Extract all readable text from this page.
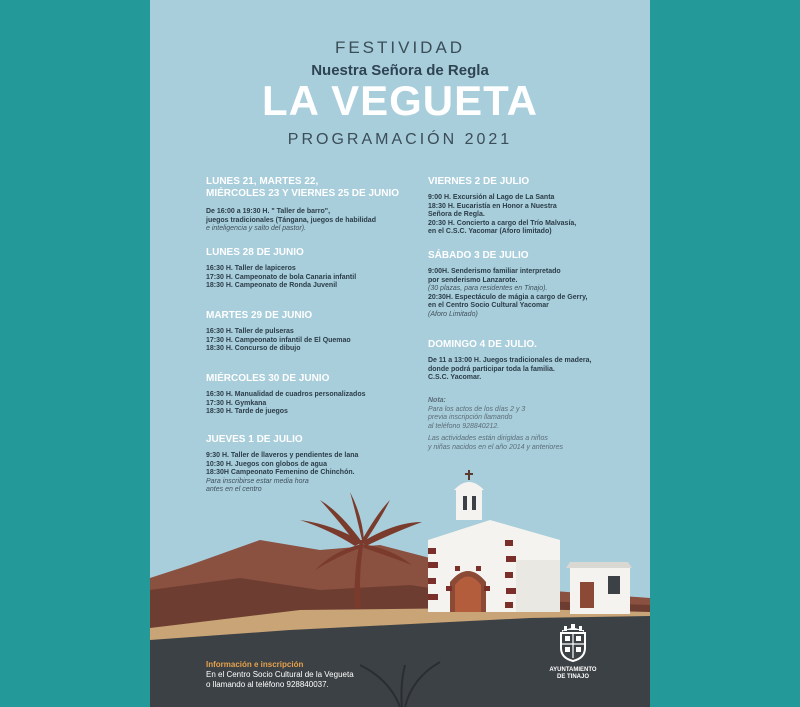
FESTIVIDAD
Nuestra Señora de Regla
LA VEGUETA
PROGRAMACIÓN 2021
LUNES 21, MARTES 22,
MIÉRCOLES 23 Y VIERNES 25 DE JUNIO
De 16:00 a 19:30 H. " Taller de barro",
juegos tradicionales (Tángana, juegos de habilidad
e inteligencia y salto del pastor).
LUNES 28 DE JUNIO
16:30 H. Taller de lapiceros
17:30 H. Campeonato de bola Canaria infantil
18:30 H. Campeonato de Ronda Juvenil
MARTES 29 DE JUNIO
16:30 H. Taller de pulseras
17:30 H. Campeonato infantil de El Quemao
18:30 H. Concurso de dibujo
MIÉRCOLES 30 DE JUNIO
16:30 H. Manualidad de cuadros personalizados
17:30 H. Gymkana
18:30 H. Tarde de juegos
JUEVES 1 DE JULIO
9:30 H. Taller de llaveros y pendientes de lana
10:30 H. Juegos con globos de agua
18:30H Campeonato Femenino de Chinchón.
Para inscribirse estar media hora
antes en el centro
VIERNES 2 DE JULIO
9:00 H. Excursión al Lago de La Santa
18:30 H. Eucaristía en Honor a Nuestra
Señora de Regla.
20:30 H. Concierto a cargo del Trío Malvasía,
en el C.S.C. Yacomar (Aforo limitado)
SÁBADO 3 DE JULIO
9:00H. Senderismo familiar interpretado
por senderismo Lanzarote.
(30 plazas, para residentes en Tinajo).
20:30H. Espectáculo de mágia a cargo de Gerry,
en el Centro Socio Cultural Yacomar
(Aforo Limitado)
DOMINGO 4 DE JULIO.
De 11 a 13:00 H. Juegos tradicionales de madera,
donde podrá participar toda la familia.
C.S.C. Yacomar.
Nota:
Para los actos de los días 2 y 3
previa inscripción llamando
al teléfono 928840212.
Las actividades están dirigidas a niños
y niñas nacidos en el año 2014 y anteriores
Información e inscripción
En el Centro Socio Cultural de la Vegueta
o llamando al teléfono 928840037.
AYUNTAMIENTO
DE TINAJO
